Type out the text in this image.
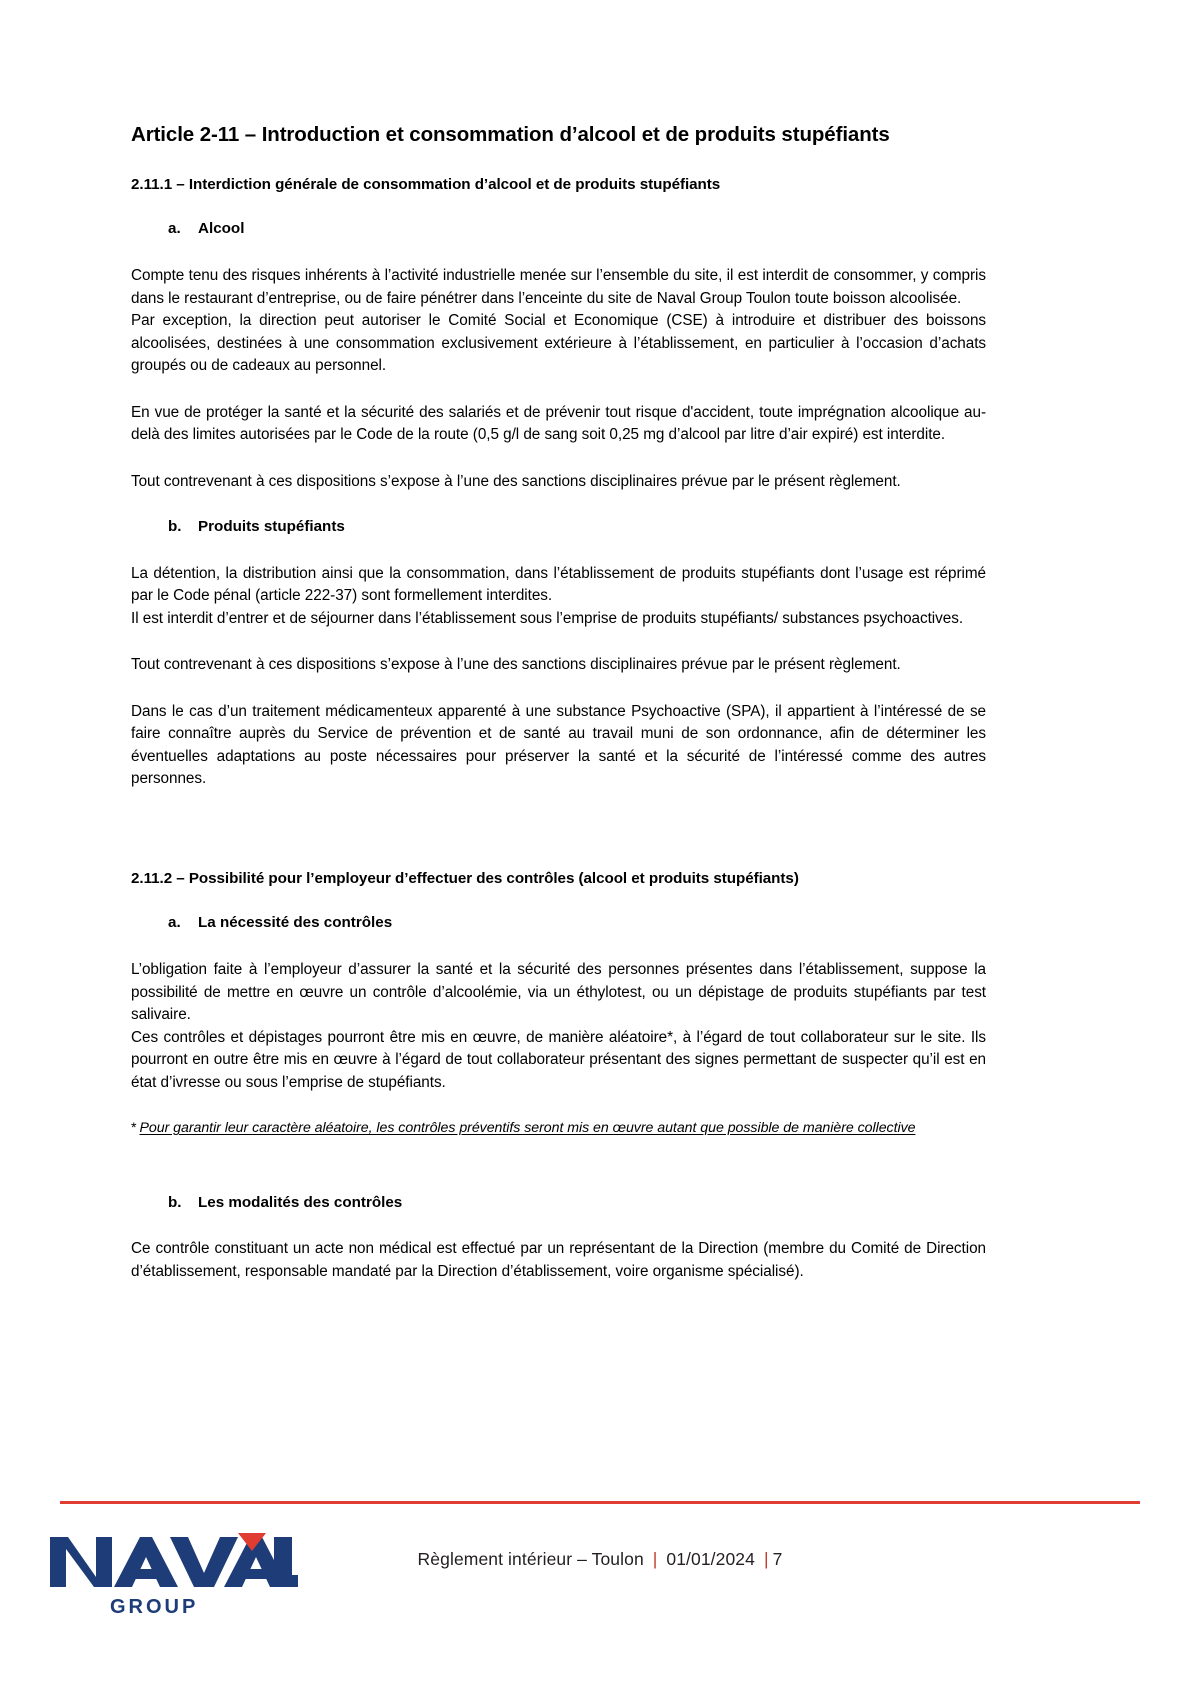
Article 2-11 – Introduction et consommation d’alcool et de produits stupéfiants
2.11.1 – Interdiction générale de consommation d’alcool et de produits stupéfiants
a. Alcool

Compte tenu des risques inhérents à l’activité industrielle menée sur l’ensemble du site, il est interdit de consommer, y compris dans le restaurant d’entreprise, ou de faire pénétrer dans l’enceinte du site de Naval Group Toulon toute boisson alcoolisée.

Par exception, la direction peut autoriser le Comité Social et Economique (CSE) à introduire et distribuer des boissons alcoolisées, destinées à une consommation exclusivement extérieure à l’établissement, en particulier à l’occasion d’achats groupés ou de cadeaux au personnel.

En vue de protéger la santé et la sécurité des salariés et de prévenir tout risque d'accident, toute imprégnation alcoolique au-delà des limites autorisées par le Code de la route (0,5 g/l de sang soit 0,25 mg d’alcool par litre d’air expiré) est interdite.

Tout contrevenant à ces dispositions s’expose à l’une des sanctions disciplinaires prévue par le présent règlement.

b. Produits stupéfiants

La détention, la distribution ainsi que la consommation, dans l’établissement de produits stupéfiants dont l’usage est réprimé par le Code pénal (article 222-37) sont formellement interdites.

Il est interdit d’entrer et de séjourner dans l’établissement sous l’emprise de produits stupéfiants/ substances psychoactives.

Tout contrevenant à ces dispositions s’expose à l’une des sanctions disciplinaires prévue par le présent règlement.

Dans le cas d’un traitement médicamenteux apparenté à une substance Psychoactive (SPA), il appartient à l’intéressé de se faire connaître auprès du Service de prévention et de santé au travail muni de son ordonnance, afin de déterminer les éventuelles adaptations au poste nécessaires pour préserver la santé et la sécurité de l’intéressé comme des autres personnes.

2.11.2 – Possibilité pour l’employeur d’effectuer des contrôles (alcool et produits stupéfiants)
a. La nécessité des contrôles

L’obligation faite à l’employeur d’assurer la santé et la sécurité des personnes présentes dans l’établissement, suppose la possibilité de mettre en œuvre un contrôle d’alcoolémie, via un éthylotest, ou un dépistage de produits stupéfiants par test salivaire.

Ces contrôles et dépistages pourront être mis en œuvre, de manière aléatoire*, à l’égard de tout collaborateur sur le site. Ils pourront en outre être mis en œuvre à l’égard de tout collaborateur présentant des signes permettant de suspecter qu’il est en état d’ivresse ou sous l’emprise de stupéfiants.

* Pour garantir leur caractère aléatoire, les contrôles préventifs seront mis en œuvre autant que possible de manière collective

b. Les modalités des contrôles

Ce contrôle constituant un acte non médical est effectué par un représentant de la Direction (membre du Comité de Direction d’établissement, responsable mandaté par la Direction d’établissement, voire organisme spécialisé).

GROUP
Règlement intérieur – Toulon | 01/01/2024 | 7
